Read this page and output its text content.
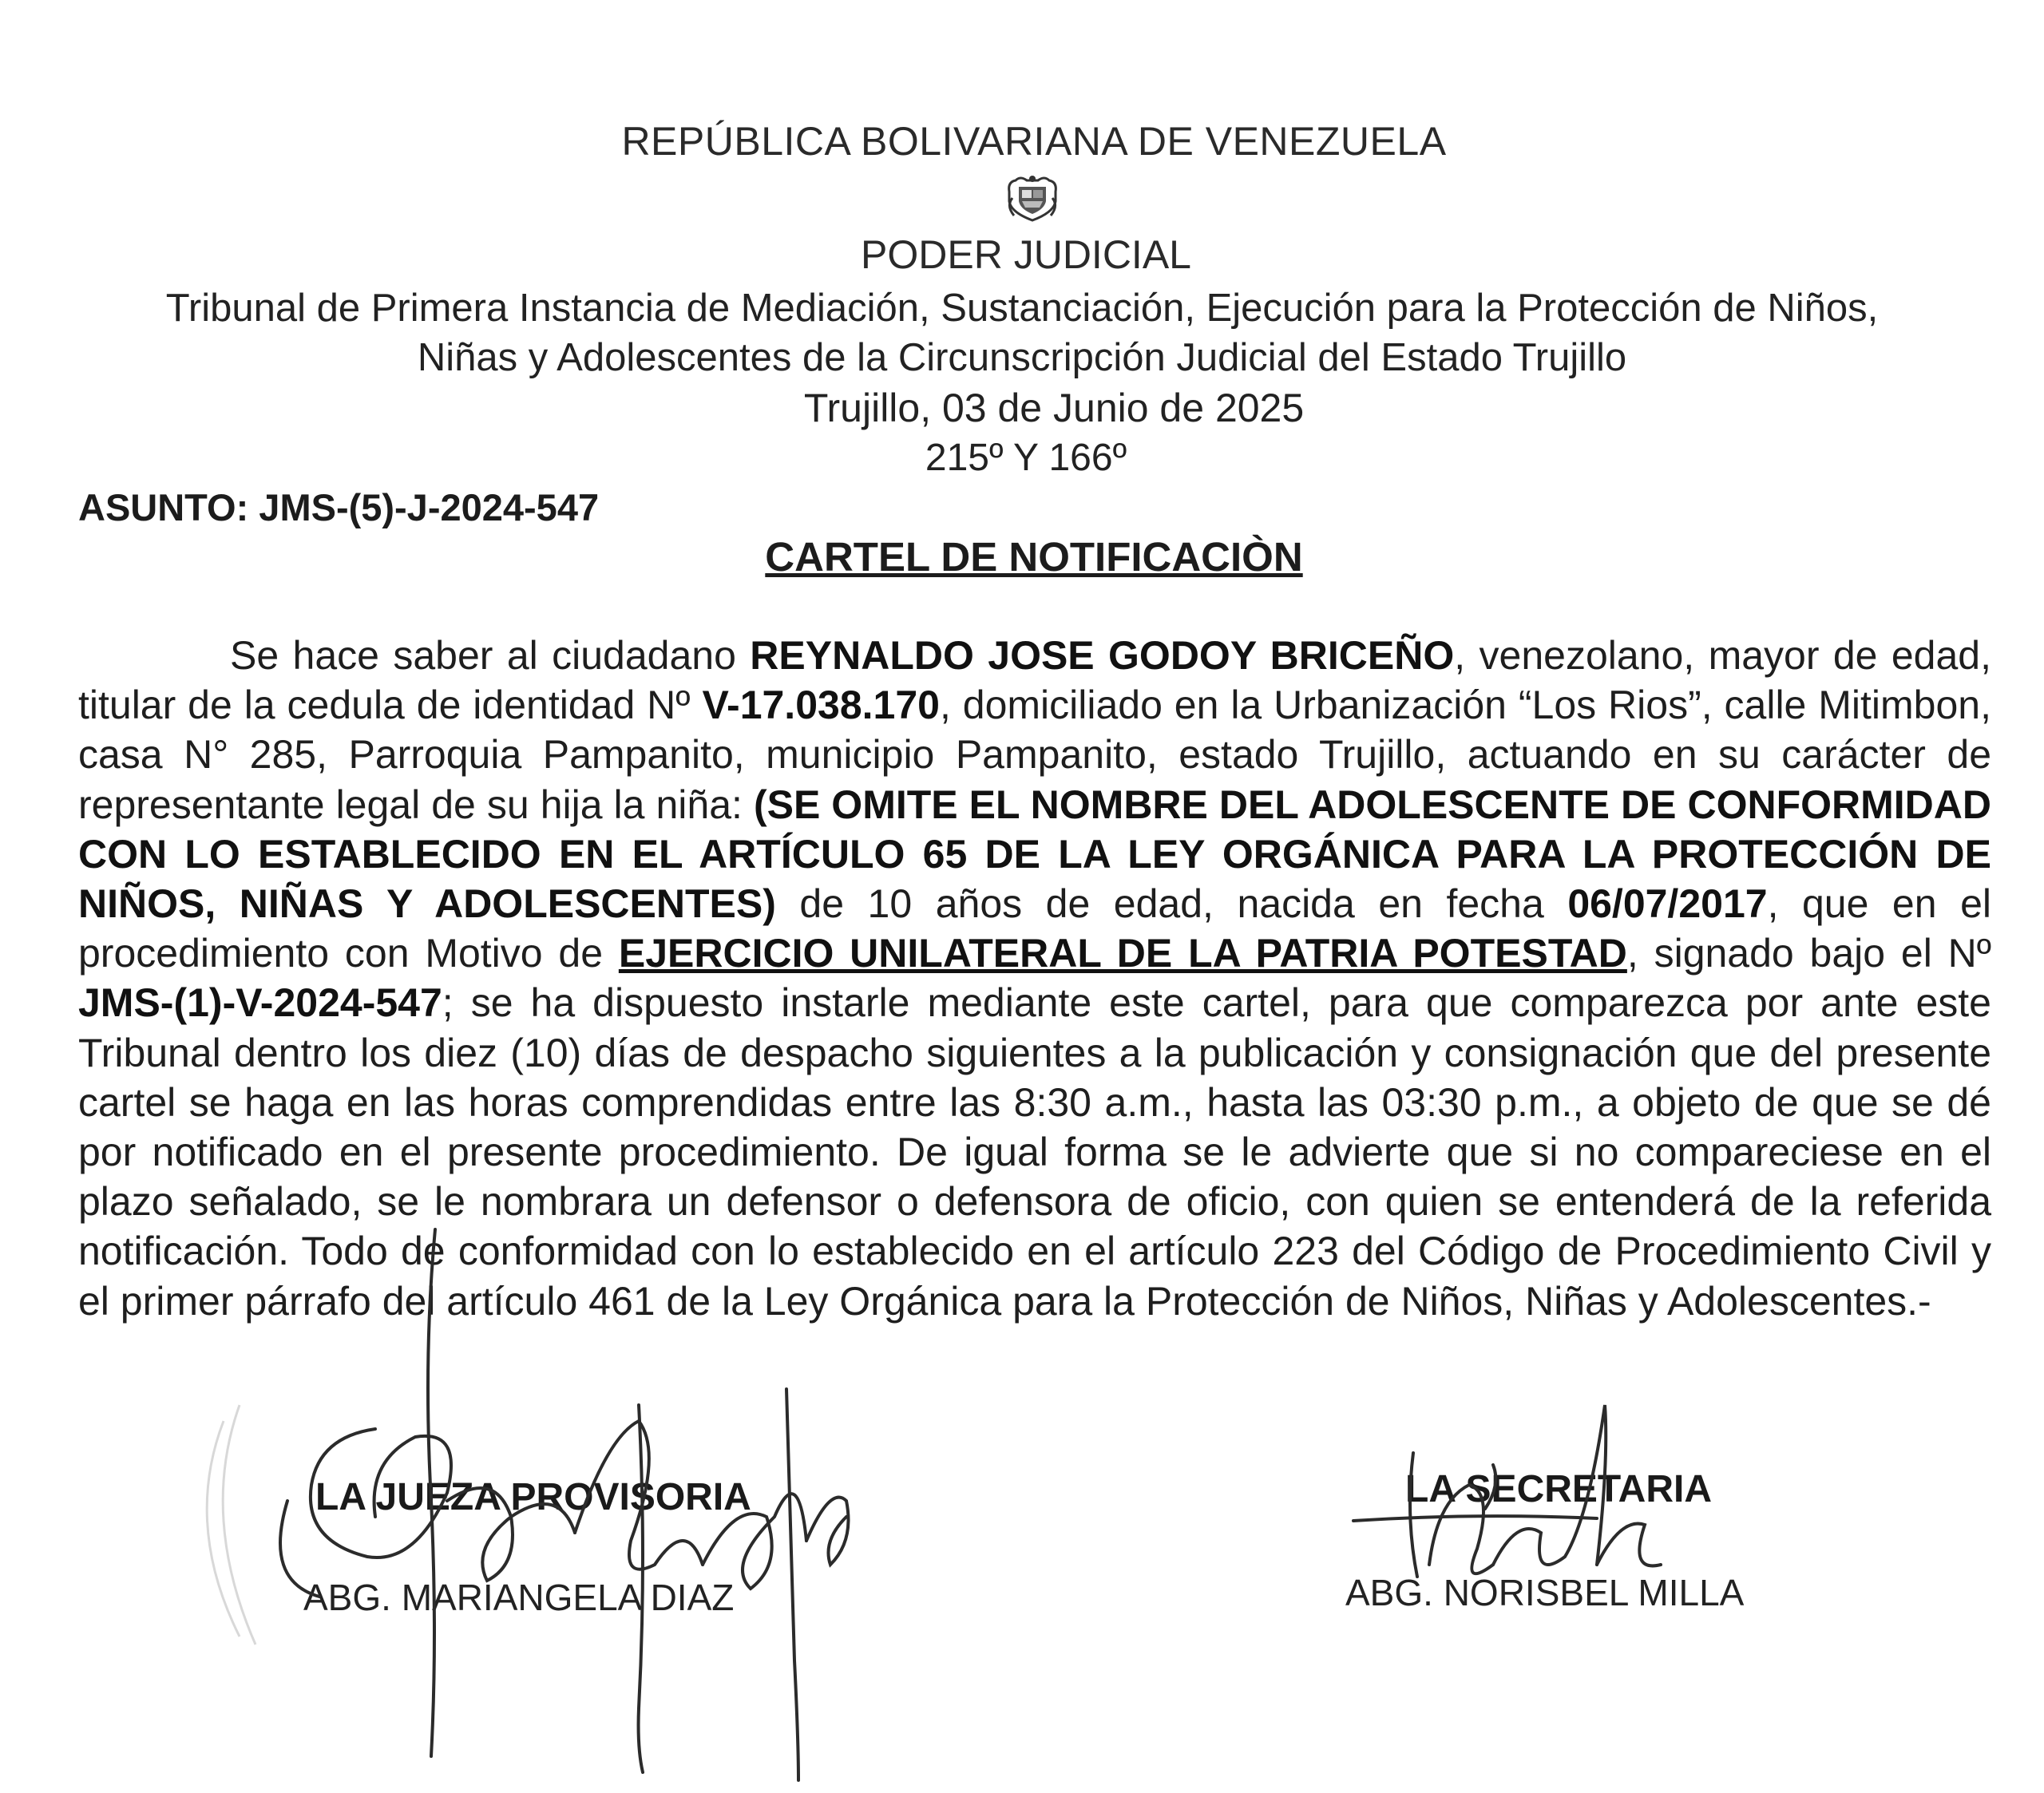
REPÚBLICA BOLIVARIANA DE VENEZUELA
PODER JUDICIAL
Tribunal de Primera Instancia de Mediación, Sustanciación, Ejecución para la Protección de Niños,
Niñas y Adolescentes de la Circunscripción Judicial del Estado Trujillo
Trujillo, 03 de Junio de 2025
215º Y 166º
ASUNTO: JMS-(5)-J-2024-547
CARTEL DE NOTIFICACIÒN
Se hace saber al ciudadano REYNALDO JOSE GODOY BRICEÑO, venezolano, mayor de edad, titular de la cedula de identidad Nº V-17.038.170, domiciliado en la Urbanización “Los Rios”, calle Mitimbon, casa N° 285, Parroquia Pampanito, municipio Pampanito, estado Trujillo, actuando en su carácter de representante legal de su hija la niña: (SE OMITE EL NOMBRE DEL ADOLESCENTE DE CONFORMIDAD CON LO ESTABLECIDO EN EL ARTÍCULO 65 DE LA LEY ORGÁNICA PARA LA PROTECCIÓN DE NIÑOS, NIÑAS Y ADOLESCENTES) de 10 años de edad, nacida en fecha 06/07/2017, que en el procedimiento con Motivo de EJERCICIO UNILATERAL DE LA PATRIA POTESTAD, signado bajo el Nº JMS-(1)-V-2024-547; se ha dispuesto instarle mediante este cartel, para que comparezca por ante este Tribunal dentro los diez (10) días de despacho siguientes a la publicación y consignación que del presente cartel se haga en las horas comprendidas entre las 8:30 a.m., hasta las 03:30 p.m., a objeto de que se dé por notificado en el presente procedimiento. De igual forma se le advierte que si no compareciese en el plazo señalado, se le nombrara un defensor o defensora de oficio, con quien se entenderá de la referida notificación. Todo de conformidad con lo establecido en el artículo 223 del Código de Procedimiento Civil y el primer párrafo del artículo 461 de la Ley Orgánica para la Protección de Niños, Niñas y Adolescentes.-
LA JUEZA PROVISORIA
ABG. MARIANGELA DIAZ
LA SECRETARIA
ABG. NORISBEL MILLA
